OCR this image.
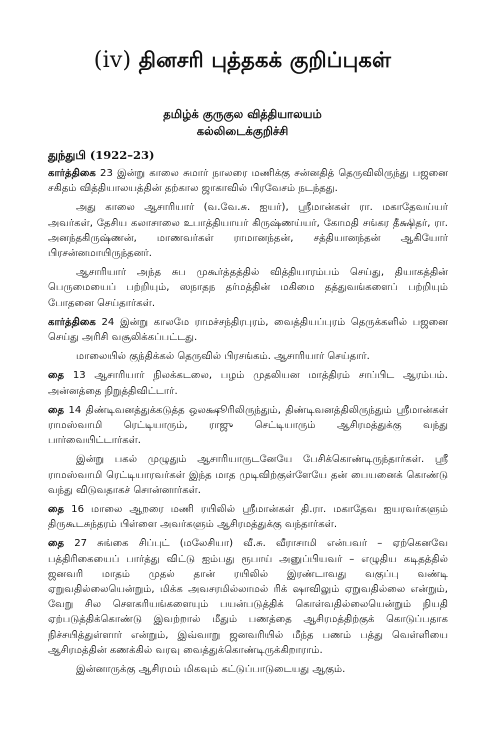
(iv) தினசரி புத்தகக் குறிப்புகள்
தமிழ்க் குருகுல வித்தியாலயம்
கல்லிடைக்குறிச்சி
துந்துபி (1922–23)

கார்த்திகை 23 இன்று காலை சுமார் நாலரை மணிக்கு சன்னதித் தெருவிலிருந்து பஜனை சகிதம் வித்தியாலயத்தின் தற்கால ஜாகாவில் பிரவேசம் நடந்தது.

அது காலை ஆசாரியார் (வ.வே.சு. ஐயர்), ஸ்ரீமான்கள் ரா. மகாதேவய்யர் அவர்கள், தேசிய கலாசாலை உபாத்தியாயர் கிருஷ்ணய்யர், கோமதி சங்கர தீக்ஷிதர், ரா. அனந்தகிருஷ்ணன், மாணவர்கள் ராமானந்தன், சத்தியானந்தன் ஆகியோர் பிரசன்னமாயிருந்தனர்.

ஆசாரியார் அந்த சுப முகூர்த்தத்தில் வித்தியாரம்பம் செய்து, தியாகத்தின் பெருமையைப் பற்றியும், ஸநாதந தர்மத்தின் மகிமை தத்துவங்களைப் பற்றியும் போதனை செய்தார்கள்.

கார்த்திகை 24 இன்று காலமே ராமச்சந்திரபுரம், வைத்தியப்புரம் தெருக்களில் பஜனை செய்து அரிசி வசூலிக்கப்பட்டது.

மாலையில் குந்திக்கல் தெருவில் பிரசங்கம். ஆசாரியார் செய்தார்.

தை 13 ஆசாரியார் நிலக்கடலை, பழம் முதலியன மாத்திரம் சாப்பிட ஆரம்பம். அன்னத்தை நிறுத்திவிட்டார்.

தை 14 திண்டிவனத்துக்கடுத்த ஒலக்ஷூரிலிருந்தும், திண்டிவனத்திலிருந்தும் ஸ்ரீமான்கள் ராமஸ்வாமி ரெட்டியாரும், ராஜு செட்டியாரும் ஆசிரமத்துக்கு வந்து பார்வையிட்டார்கள்.

இன்று பகல் முழுதும் ஆசாரியாருடனேயே பேசிக்கொண்டிருந்தார்கள். ஸ்ரீ ராமஸ்வாமி ரெட்டியாரவர்கள் இந்த மாத முடிவிற்குள்ளேயே தன் பையனைக் கொண்டு வந்து விடுவதாகச் சொன்னார்கள்.

தை 16 மாலை ஆறரை மணி ரயிலில் ஸ்ரீமான்கள் தி.ரா. மகாதேவ ஐயரவர்களும் திருகூடசுந்தரம் பிள்ளை அவர்களும் ஆசிரமத்துக்கு வந்தார்கள்.

தை 27 சுங்கை சிப்புட் (மலேசியா) வீ.சு. வீராசாமி என்பவர் – ஏற்கெனவே பத்திரிகையைப் பார்த்து விட்டு ஐம்பது ரூபாய் அனுப்பியவர் – எழுதிய கடிதத்தில் ஜனவரி மாதம் முதல் தான் ரயிலில் இரண்டாவது வகுப்பு வண்டி ஏறுவதில்லையென்றும், மிக்க அவசரமில்லாமல் ரிக் ஷாவிலும் ஏறுவதில்லை என்றும், வேறு சில சௌகரியங்களையும் பயன்படுத்திக் கொள்வதில்லையென்றும் நியதி ஏற்படுத்திக்கொண்டு இவற்றால் மீதும் பணத்தை ஆசிரமத்திற்குக் கொடுப்பதாக நிச்சயித்துள்ளார் என்றும், இவ்வாறு ஜனவரியில் மீந்த பணம் பத்து வெள்ளியை ஆசிரமத்தின் கணக்கில் வரவு வைத்துக்கொண்டிருக்கிறாராம்.

இன்னாருக்கு ஆசிரமம் மிகவும் கட்டுப்பாடுடையது ஆகும்.
